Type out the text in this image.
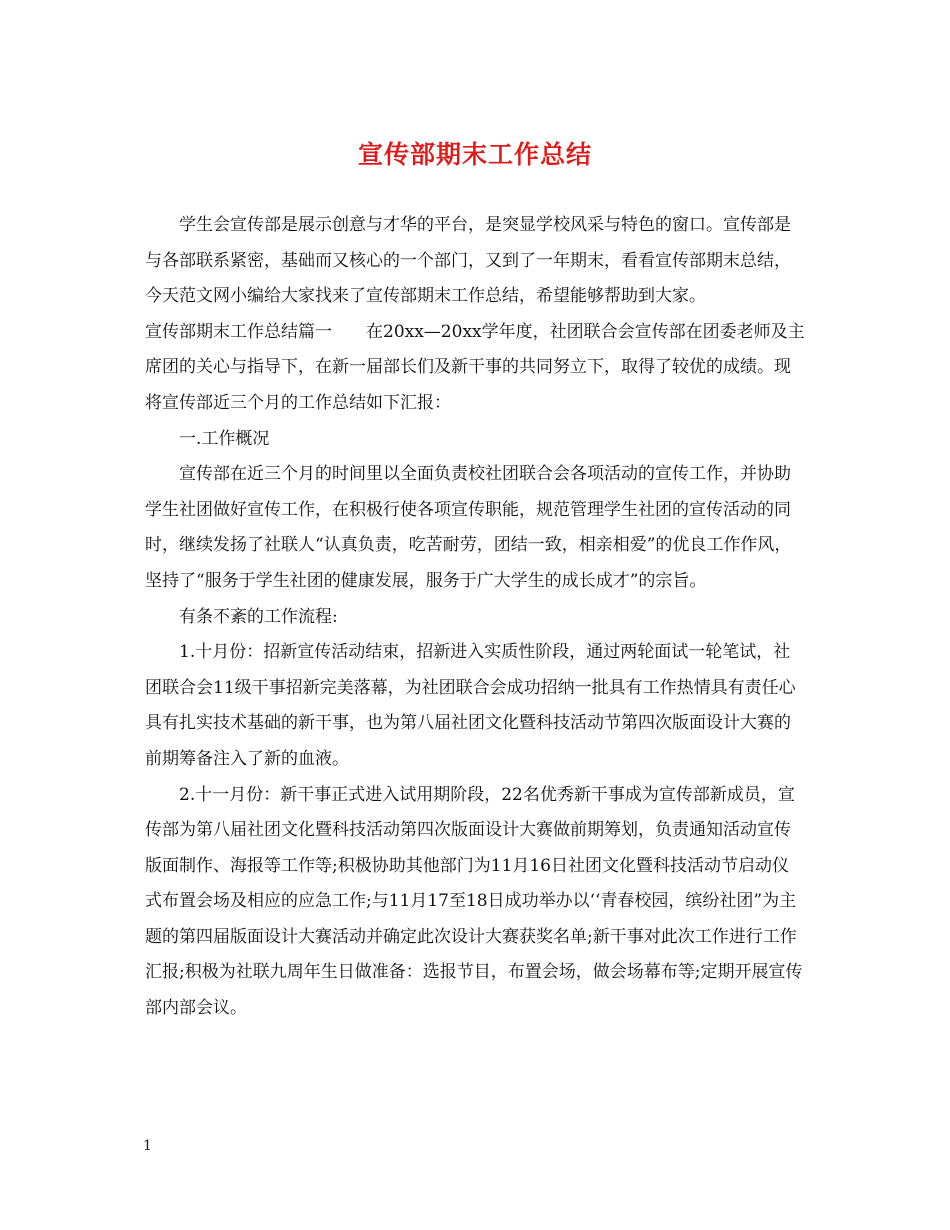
宣传部期末工作总结

学生会宣传部是展示创意与才华的平台，是突显学校风采与特色的窗口。宣传部是与各部联系紧密，基础而又核心的一个部门，又到了一年期末，看看宣传部期末总结，今天范文网小编给大家找来了宣传部期末工作总结，希望能够帮助到大家。

宣传部期末工作总结篇一　　在20xx—20xx学年度，社团联合会宣传部在团委老师及主席团的关心与指导下，在新一届部长们及新干事的共同努立下，取得了较优的成绩。现将宣传部近三个月的工作总结如下汇报：

一.工作概况

宣传部在近三个月的时间里以全面负责校社团联合会各项活动的宣传工作，并协助学生社团做好宣传工作，在积极行使各项宣传职能，规范管理学生社团的宣传活动的同时，继续发扬了社联人“认真负责，吃苦耐劳，团结一致，相亲相爱”的优良工作作风，坚持了“服务于学生社团的健康发展，服务于广大学生的成长成才”的宗旨。

有条不紊的工作流程:

1.十月份：招新宣传活动结束，招新进入实质性阶段，通过两轮面试一轮笔试，社团联合会11级干事招新完美落幕，为社团联合会成功招纳一批具有工作热情具有责任心具有扎实技术基础的新干事，也为第八届社团文化暨科技活动节第四次版面设计大赛的前期筹备注入了新的血液。

2.十一月份：新干事正式进入试用期阶段，22名优秀新干事成为宣传部新成员，宣传部为第八届社团文化暨科技活动第四次版面设计大赛做前期筹划，负责通知活动宣传版面制作、海报等工作等;积极协助其他部门为11月16日社团文化暨科技活动节启动仪式布置会场及相应的应急工作;与11月17至18日成功举办以‘‘青春校园，缤纷社团”为主题的第四届版面设计大赛活动并确定此次设计大赛获奖名单;新干事对此次工作进行工作汇报;积极为社联九周年生日做准备：选报节目，布置会场，做会场幕布等;定期开展宣传部内部会议。

1
